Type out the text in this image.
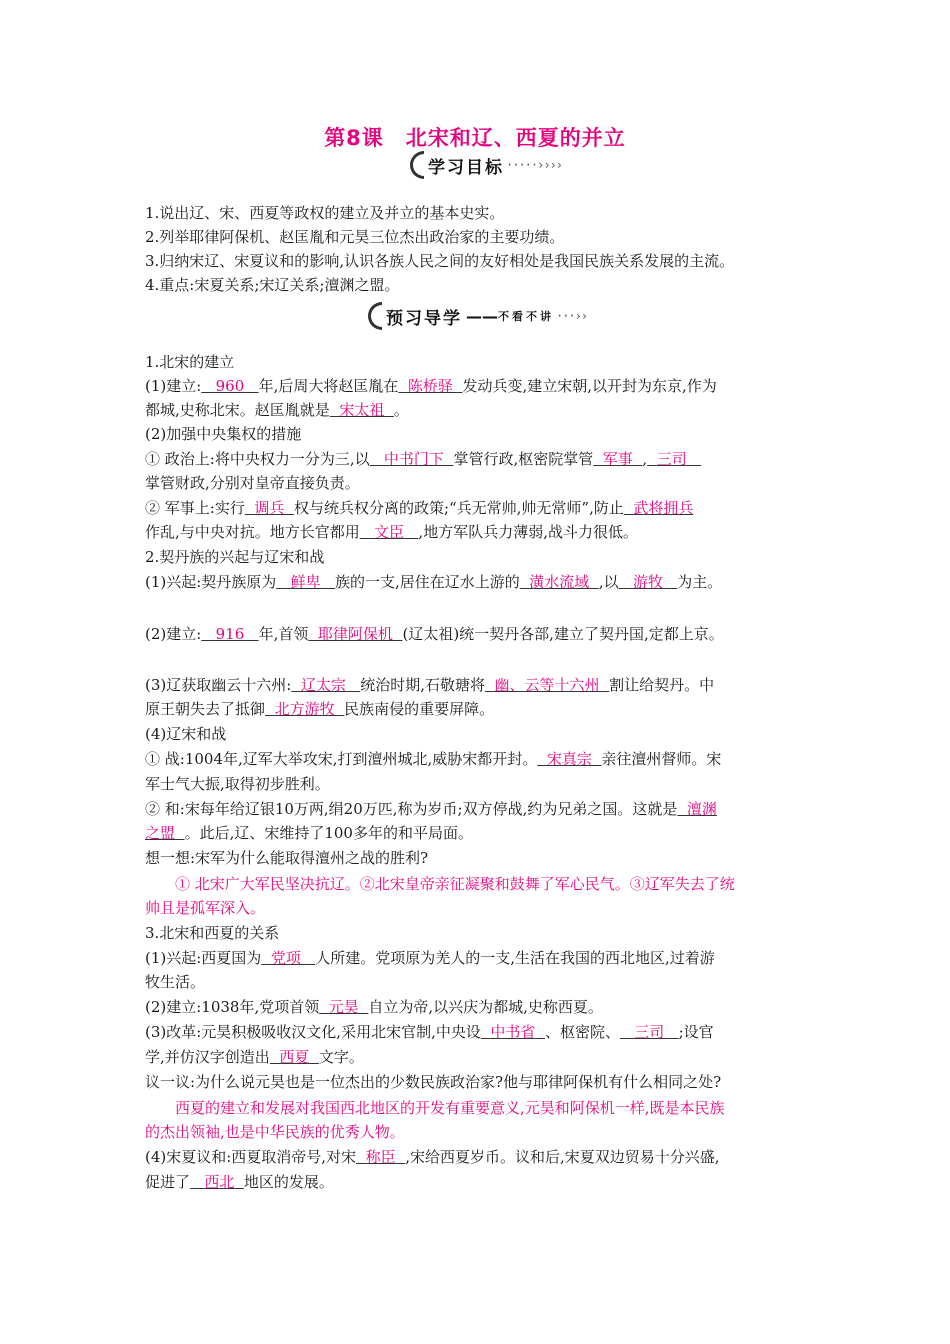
第8课　北宋和辽、西夏的并立
学习目标 ·····››››
1.说出辽、宋、西夏等政权的建立及并立的基本史实。
2.列举耶律阿保机、赵匡胤和元昊三位杰出政治家的主要功绩。
3.归纳宋辽、宋夏议和的影响,认识各族人民之间的友好相处是我国民族关系发展的主流。
4.重点:宋夏关系;宋辽关系;澶渊之盟。
预习导学 —— 不看不讲 ···››
1.北宋的建立
(1)建立: 960 年,后周大将赵匡胤在 陈桥驿 发动兵变,建立宋朝,以开封为东京,作为
都城,史称北宋。赵匡胤就是 宋太祖 。
(2)加强中央集权的措施
① 政治上:将中央权力一分为三,以 中书门下 掌管行政,枢密院掌管 军事 , 三司
掌管财政,分别对皇帝直接负责。
② 军事上:实行 调兵 权与统兵权分离的政策;“兵无常帅,帅无常师”,防止 武将拥兵
作乱,与中央对抗。地方长官都用 文臣 ,地方军队兵力薄弱,战斗力很低。
2.契丹族的兴起与辽宋和战
(1)兴起:契丹族原为 鲜卑 族的一支,居住在辽水上游的 潢水流域 ,以 游牧 为主。
(2)建立: 916 年,首领 耶律阿保机 (辽太祖)统一契丹各部,建立了契丹国,定都上京。
(3)辽获取幽云十六州: 辽太宗 统治时期,石敬瑭将 幽、云等十六州 割让给契丹。中
原王朝失去了抵御 北方游牧 民族南侵的重要屏障。
(4)辽宋和战
① 战:1004年,辽军大举攻宋,打到澶州城北,威胁宋都开封。 宋真宗 亲往澶州督师。宋
军士气大振,取得初步胜利。
② 和:宋每年给辽银10万两,绢20万匹,称为岁币;双方停战,约为兄弟之国。这就是 澶渊
之盟 。此后,辽、宋维持了100多年的和平局面。
想一想:宋军为什么能取得澶州之战的胜利?
① 北宋广大军民坚决抗辽。②北宋皇帝亲征凝聚和鼓舞了军心民气。③辽军失去了统
帅且是孤军深入。
3.北宋和西夏的关系
(1)兴起:西夏国为 党项 人所建。党项原为羌人的一支,生活在我国的西北地区,过着游
牧生活。
(2)建立:1038年,党项首领 元昊 自立为帝,以兴庆为都城,史称西夏。
(3)改革:元昊积极吸收汉文化,采用北宋官制,中央设 中书省 、枢密院、 三司 ;设官
学,并仿汉字创造出 西夏 文字。
议一议:为什么说元昊也是一位杰出的少数民族政治家?他与耶律阿保机有什么相同之处?
西夏的建立和发展对我国西北地区的开发有重要意义,元昊和阿保机一样,既是本民族
的杰出领袖,也是中华民族的优秀人物。
(4)宋夏议和:西夏取消帝号,对宋 称臣 ,宋给西夏岁币。议和后,宋夏双边贸易十分兴盛,
促进了 西北 地区的发展。
